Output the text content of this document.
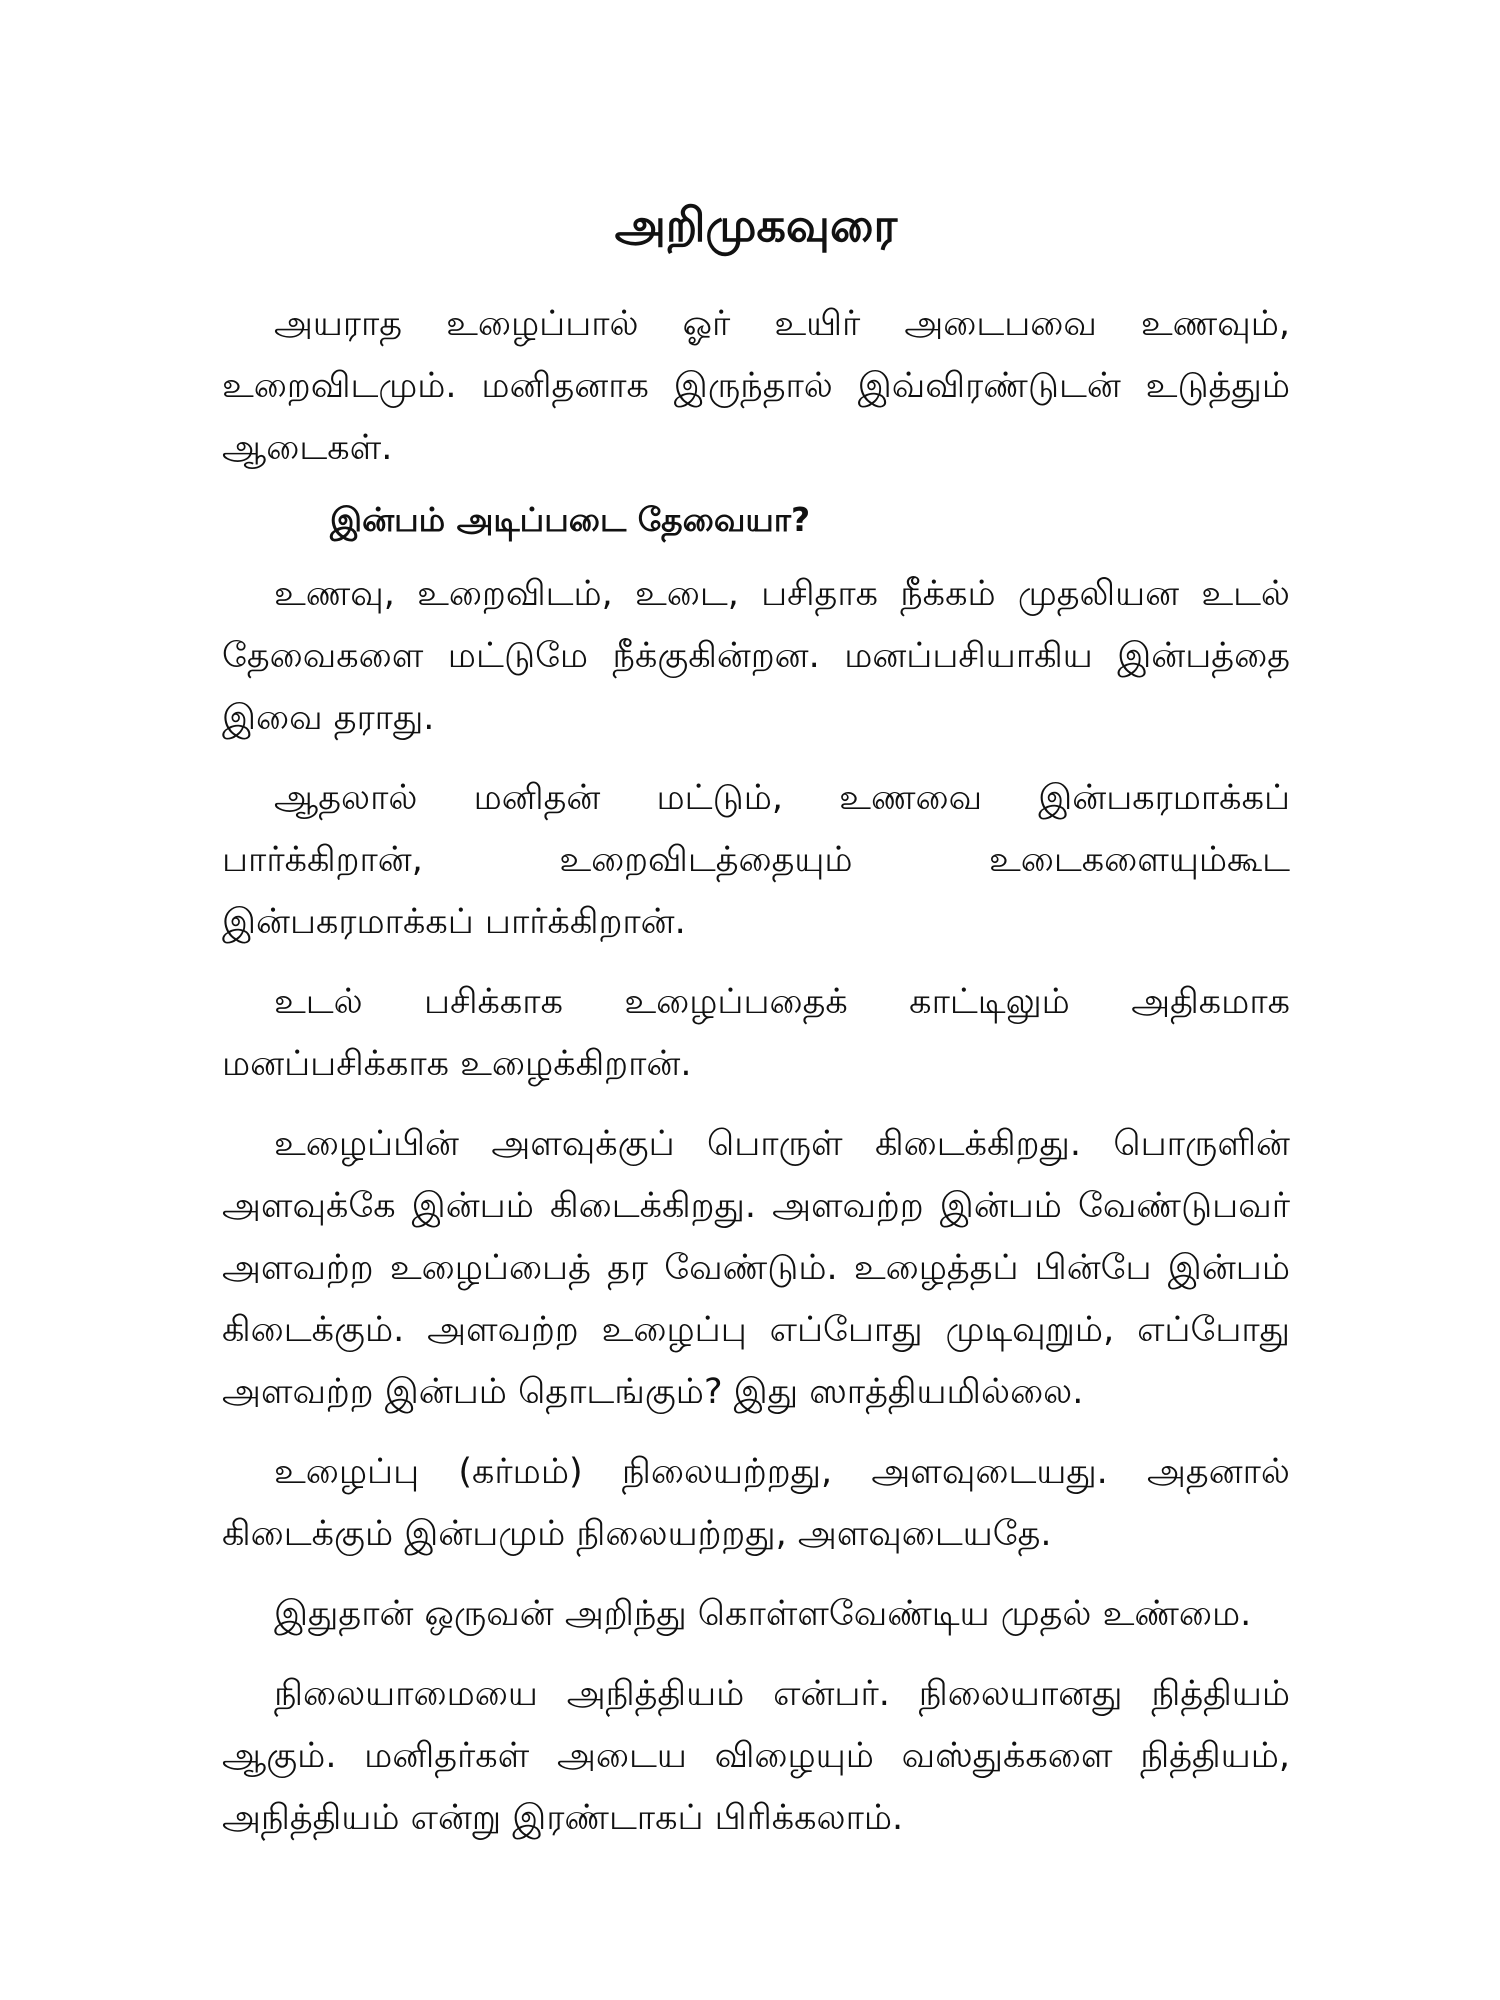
அறிமுகவுரை

அயராத உழைப்பால் ஓர் உயிர் அடைபவை உணவும், உறைவிடமும். மனிதனாக இருந்தால் இவ்விரண்டுடன் உடுத்தும் ஆடைகள்.

இன்பம் அடிப்படை தேவையா?

உணவு, உறைவிடம், உடை, பசிதாக நீக்கம் முதலியன உடல் தேவைகளை மட்டுமே நீக்குகின்றன. மனப்பசியாகிய இன்பத்தை இவை தராது.

ஆதலால் மனிதன் மட்டும், உணவை இன்பகரமாக்கப் பார்க்கிறான், உறைவிடத்தையும் உடைகளையும்கூட இன்பகரமாக்கப் பார்க்கிறான்.

உடல் பசிக்காக உழைப்பதைக் காட்டிலும் அதிகமாக மனப்பசிக்காக உழைக்கிறான்.

உழைப்பின் அளவுக்குப் பொருள் கிடைக்கிறது. பொருளின் அளவுக்கே இன்பம் கிடைக்கிறது. அளவற்ற இன்பம் வேண்டுபவர் அளவற்ற உழைப்பைத் தர வேண்டும். உழைத்தப் பின்பே இன்பம் கிடைக்கும். அளவற்ற உழைப்பு எப்போது முடிவுறும், எப்போது அளவற்ற இன்பம் தொடங்கும்? இது ஸாத்தியமில்லை.

உழைப்பு (கர்மம்) நிலையற்றது, அளவுடையது. அதனால் கிடைக்கும் இன்பமும் நிலையற்றது, அளவுடையதே.

இதுதான் ஒருவன் அறிந்து கொள்ளவேண்டிய முதல் உண்மை.

நிலையாமையை அநித்தியம் என்பர். நிலையானது நித்தியம் ஆகும். மனிதர்கள் அடைய விழையும் வஸ்துக்களை நித்தியம், அநித்தியம் என்று இரண்டாகப் பிரிக்கலாம்.
